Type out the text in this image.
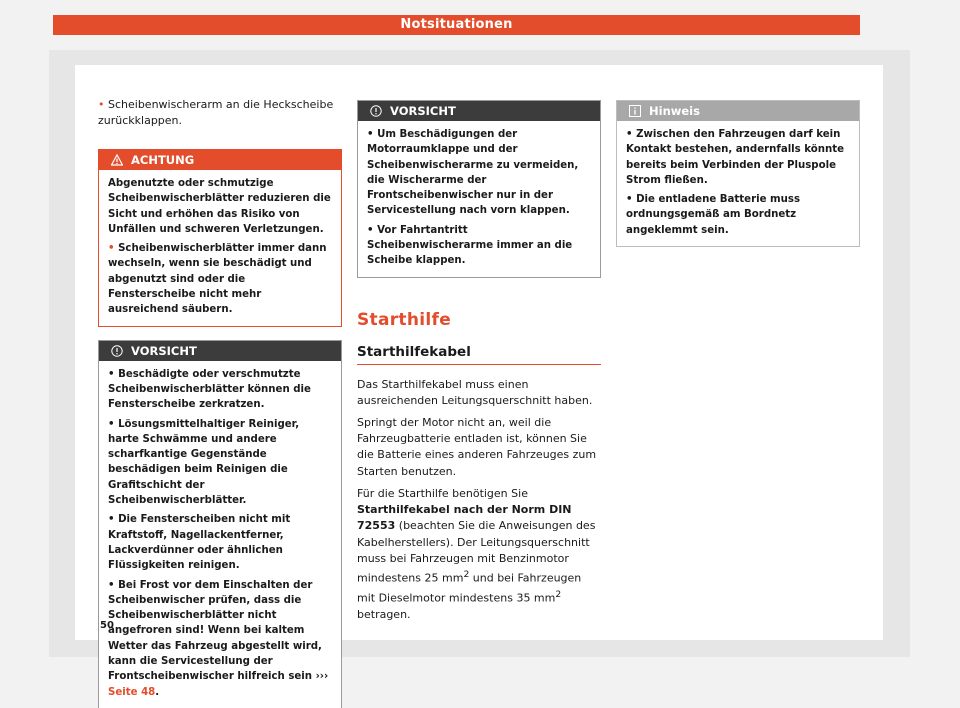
Notsituationen
• Scheibenwischerarm an die Heckscheibe zurückklappen.
ACHTUNG

Abgenutzte oder schmutzige Scheibenwischerblätter reduzieren die Sicht und erhöhen das Risiko von Unfällen und schweren Verletzungen.

• Scheibenwischerblätter immer dann wechseln, wenn sie beschädigt und abgenutzt sind oder die Fensterscheibe nicht mehr ausreichend säubern.

VORSICHT

• Beschädigte oder verschmutzte Scheibenwischerblätter können die Fensterscheibe zerkratzen.

• Lösungsmittelhaltiger Reiniger, harte Schwämme und andere scharfkantige Gegenstände beschädigen beim Reinigen die Grafitschicht der Scheibenwischerblätter.

• Die Fensterscheiben nicht mit Kraftstoff, Nagellackentferner, Lackverdünner oder ähnlichen Flüssigkeiten reinigen.

• Bei Frost vor dem Einschalten der Scheibenwischer prüfen, dass die Scheibenwischerblätter nicht angefroren sind! Wenn bei kaltem Wetter das Fahrzeug abgestellt wird, kann die Servicestellung der Frontscheibenwischer hilfreich sein ››› Seite 48.

VORSICHT

• Um Beschädigungen der Motorraumklappe und der Scheibenwischerarme zu vermeiden, die Wischerarme der Frontscheibenwischer nur in der Servicestellung nach vorn klappen.

• Vor Fahrtantritt Scheibenwischerarme immer an die Scheibe klappen.

Starthilfe
Starthilfekabel

Das Starthilfekabel muss einen ausreichenden Leitungsquerschnitt haben.

Springt der Motor nicht an, weil die Fahrzeugbatterie entladen ist, können Sie die Batterie eines anderen Fahrzeuges zum Starten benutzen.

Für die Starthilfe benötigen Sie Starthilfekabel nach der Norm DIN 72553 (beachten Sie die Anweisungen des Kabelherstellers). Der Leitungsquerschnitt muss bei Fahrzeugen mit Benzinmotor mindestens 25 $mm^2$ und bei Fahrzeugen mit Dieselmotor mindestens 35 $mm^2$ betragen.

Hinweis

• Zwischen den Fahrzeugen darf kein Kontakt bestehen, andernfalls könnte bereits beim Verbinden der Pluspole Strom fließen.

• Die entladene Batterie muss ordnungsgemäß am Bordnetz angeklemmt sein.

50
